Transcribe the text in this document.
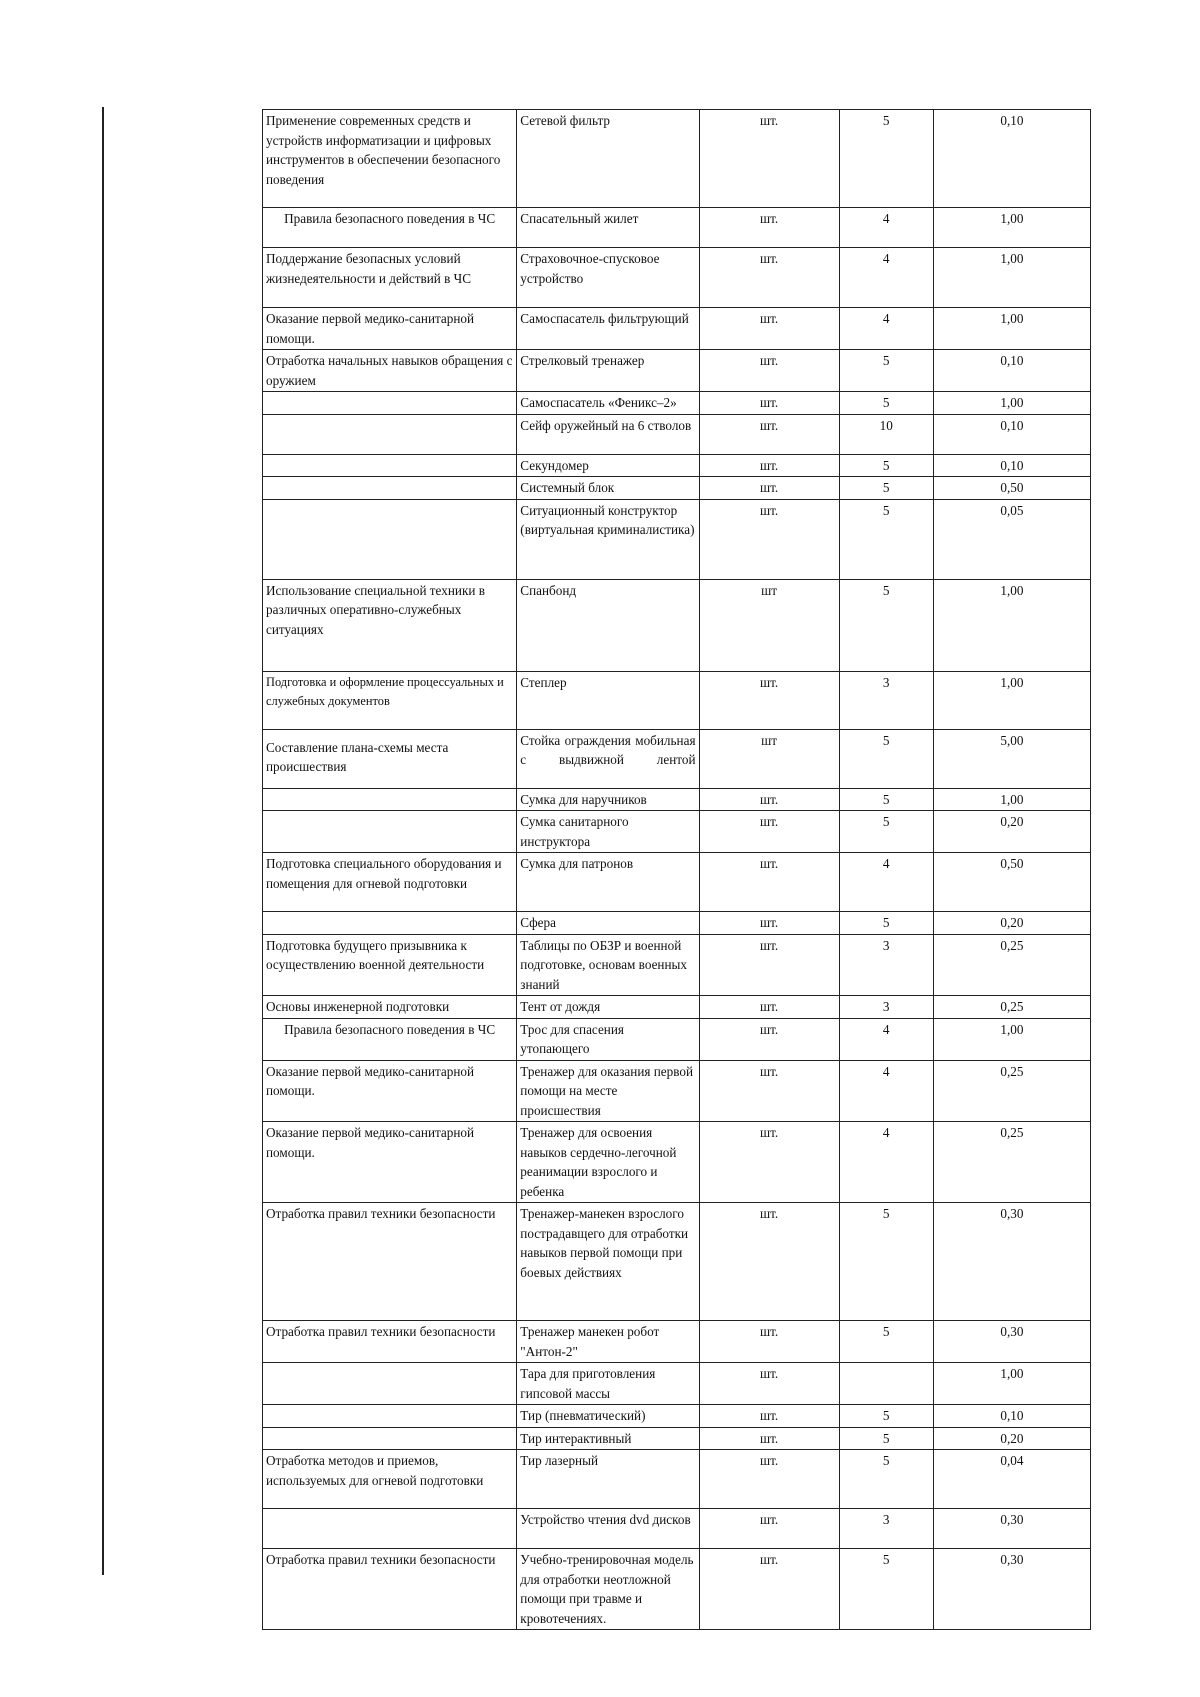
Применение современных средств и устройств информатизации и цифровых инструментов в обеспечении безопасного поведения	Сетевой фильтр	шт.	5	0,10
Правила безопасного поведения в ЧС	Спасательный жилет	шт.	4	1,00
Поддержание безопасных условий жизнедеятельности и действий в ЧС	Страховочное-спусковое устройство	шт.	4	1,00
Оказание первой медико-санитарной помощи.	Самоспасатель фильтрующий	шт.	4	1,00
Отработка начальных навыков обращения с оружием	Стрелковый тренажер	шт.	5	0,10
	Самоспасатель «Феникс–2»	шт.	5	1,00
	Сейф оружейный на 6 стволов	шт.	10	0,10
	Секундомер	шт.	5	0,10
	Системный блок	шт.	5	0,50
	Ситуационный конструктор (виртуальная криминалистика)	шт.	5	0,05
Использование специальной техники в различных оперативно-служебных ситуациях	Спанбонд	шт	5	1,00
Подготовка и оформление процессуальных и служебных документов	Степлер	шт.	3	1,00
Составление плана-схемы места происшествия	Стойка ограждения мобильная с выдвижной лентой	шт	5	5,00
	Сумка для наручников	шт.	5	1,00
	Сумка санитарного инструктора	шт.	5	0,20
Подготовка специального оборудования и помещения для огневой подготовки	Сумка для патронов	шт.	4	0,50
	Сфера	шт.	5	0,20
Подготовка будущего призывника к осуществлению военной деятельности	Таблицы по ОБЗР и военной подготовке, основам военных знаний	шт.	3	0,25
Основы инженерной подготовки	Тент от дождя	шт.	3	0,25
Правила безопасного поведения в ЧС	Трос для спасения утопающего	шт.	4	1,00
Оказание первой медико-санитарной помощи.	Тренажер для оказания первой помощи на месте происшествия	шт.	4	0,25
Оказание первой медико-санитарной помощи.	Тренажер для освоения навыков сердечно-легочной реанимации взрослого и ребенка	шт.	4	0,25
Отработка правил техники безопасности	Тренажер-манекен взрослого пострадавщего для отработки навыков первой помощи при боевых действиях	шт.	5	0,30
Отработка правил техники безопасности	Тренажер манекен робот "Антон-2"	шт.	5	0,30
	Тара для приготовления гипсовой массы	шт.		1,00
	Тир (пневматический)	шт.	5	0,10
	Тир интерактивный	шт.	5	0,20
Отработка методов и приемов, используемых для огневой подготовки	Тир лазерный	шт.	5	0,04
	Устройство чтения dvd дисков	шт.	3	0,30
Отработка правил техники безопасности	Учебно-тренировочная модель для отработки неотложной помощи при травме и кровотечениях.	шт.	5	0,30
